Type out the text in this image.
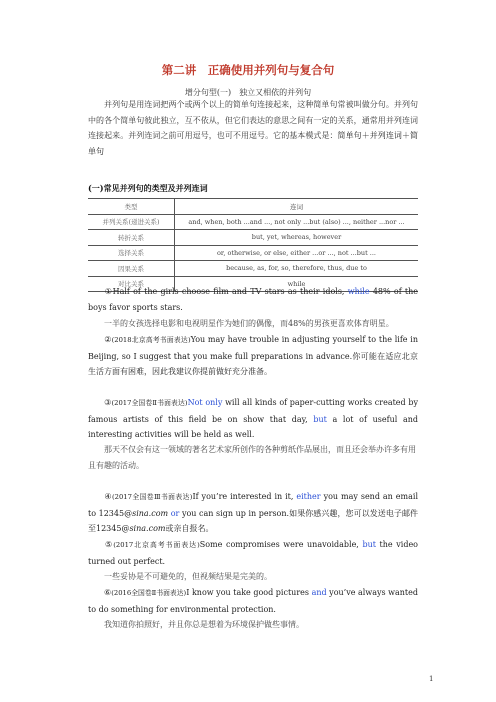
第二讲　正确使用并列句与复合句
增分句型(一)　独立又相依的并列句
并列句是用连词把两个或两个以上的简单句连接起来，这种简单句常被叫做分句。并列句中的各个简单句彼此独立，互不依从，但它们表达的意思之间有一定的关系，通常用并列连词连接起来。并列连词之前可用逗号，也可不用逗号。它的基本模式是：简单句＋并列连词＋简单句
(一)常见并列句的类型及并列连词
类型	连词
并列关系(递进关系)	and, when, both ...and ..., not only ...but (also) ..., neither ...nor ...
转折关系	but, yet, whereas, however
选择关系	or, otherwise, or else, either ...or ..., not ...but ...
因果关系	because, as, for, so, therefore, thus, due to
对比关系	while
①Half of the girls choose film and TV stars as their idols, while 48% of the boys favor sports stars.
一半的女孩选择电影和电视明星作为她们的偶像，而48%的男孩更喜欢体育明星。
②(2018北京高考书面表达)You may have trouble in adjusting yourself to the life in Beijing, so I suggest that you make full preparations in advance.你可能在适应北京生活方面有困难，因此我建议你提前做好充分准备。
③(2017全国卷Ⅱ书面表达)Not only will all kinds of paper-cutting works created by famous artists of this field be on show that day, but a lot of useful and interesting activities will be held as well.
那天不仅会有这一领域的著名艺术家所创作的各种剪纸作品展出，而且还会举办许多有用且有趣的活动。
④(2017全国卷Ⅲ书面表达)If you’re interested in it, either you may send an email to 12345@sina.com or you can sign up in person.如果你感兴趣，您可以发送电子邮件至12345@sina.com或亲自报名。
⑤(2017北京高考书面表达)Some compromises were unavoidable, but the video turned out perfect.
一些妥协是不可避免的，但视频结果是完美的。
⑥(2016全国卷Ⅱ书面表达)I know you take good pictures and you’ve always wanted to do something for environmental protection.
我知道你拍照好，并且你总是想着为环境保护做些事情。
1
